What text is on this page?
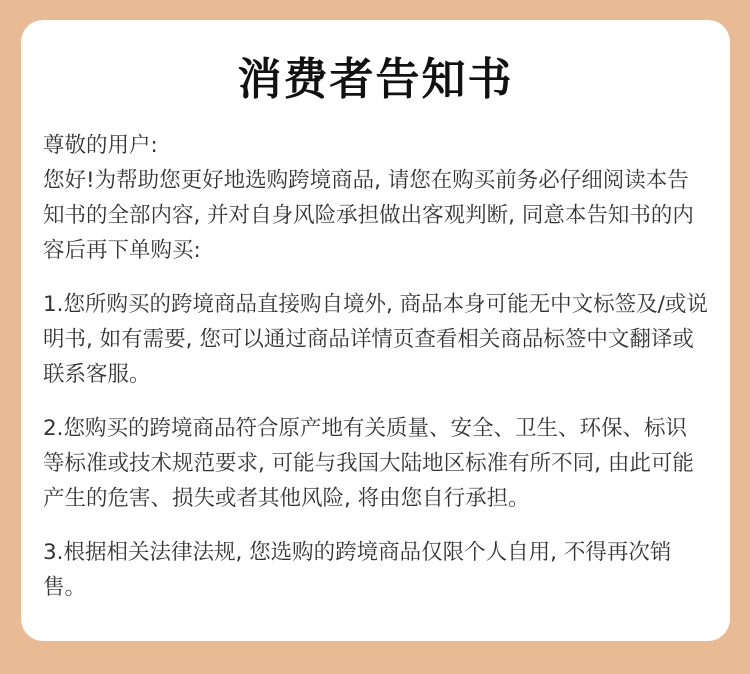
消费者告知书

尊敬的用户:
您好!为帮助您更好地选购跨境商品, 请您在购买前务必仔细阅读本告知书的全部内容, 并对自身风险承担做出客观判断, 同意本告知书的内容后再下单购买:

1.您所购买的跨境商品直接购自境外, 商品本身可能无中文标签及/或说明书, 如有需要, 您可以通过商品详情页查看相关商品标签中文翻译或联系客服。

2.您购买的跨境商品符合原产地有关质量、安全、卫生、环保、标识等标准或技术规范要求, 可能与我国大陆地区标准有所不同, 由此可能产生的危害、损失或者其他风险, 将由您自行承担。

3.根据相关法律法规, 您选购的跨境商品仅限个人自用, 不得再次销售。
